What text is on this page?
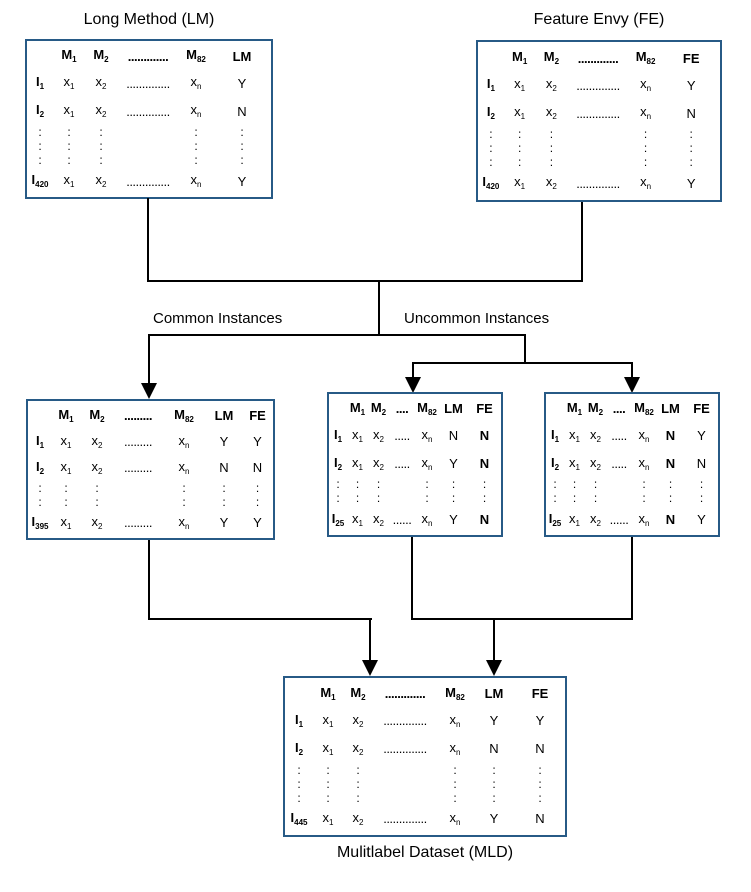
Long Method (LM)	Feature Envy (FE)
$M_1$	$M_2$	.............	$M_{82}$	LM
$I_1$	$x_1$	$x_2$	..............	$x_n$	Y
$I_2$	$x_1$	$x_2$	..............	$x_n$	N
:	:	:	:	:
:	:	:	:	:
:	:	:	:	:
$I_{420}$	$x_1$	$x_2$	..............	$x_n$	Y
$M_1$	$M_2$	.............	$M_{82}$	FE
$I_1$	$x_1$	$x_2$	..............	$x_n$	Y
$I_2$	$x_1$	$x_2$	..............	$x_n$	N
:	:	:	:	:
:	:	:	:	:
:	:	:	:	:
$I_{420}$	$x_1$	$x_2$	..............	$x_n$	Y
Common Instances	Uncommon Instances
$M_1$	$M_2$	.........	$M_{82}$	LM	FE
$I_1$	$x_1$	$x_2$	.........	$x_n$	Y	Y
$I_2$	$x_1$	$x_2$	.........	$x_n$	N	N
:	:	:	:	:	:
:	:	:	:	:	:
$I_{395}$ $x_1$	$x_2$	.........	$x_n$	Y	Y
$M_1$ $M_2$ .... $M_{82}$ LM	FE
$I_1$ $x_1$ $x_2$ ..... $x_n$	N	N
$I_2$ $x_1$ $x_2$ ..... $x_n$	Y	N
:	:	:	:	:	:
:	:	:	:	:	:
$I_{25}$ $x_1$ $x_2$ ...... $x_n$	Y	N
$M_1$ $M_2$ .... $M_{82}$ LM	FE
$I_1$ $x_1$ $x_2$ ..... $x_n$	N	Y
$I_2$ $x_1$ $x_2$ ..... $x_n$	N	N
:	:	:	:	:	:
:	:	:	:	:	:
$I_{25}$ $x_1$ $x_2$ ...... $x_n$	N	Y
$M_1$	$M_2$	.............	$M_{82}$	LM	FE
$I_1$	$x_1$	$x_2$	..............	$x_n$	Y	Y
$I_2$	$x_1$	$x_2$	..............	$x_n$	N	N
:	:	:	:	:	:
:	:	:	:	:	:
:	:	:	:	:	:
$I_{445}$	$x_1$	$x_2$	..............	$x_n$	Y	N
Mulitlabel Dataset (MLD)
